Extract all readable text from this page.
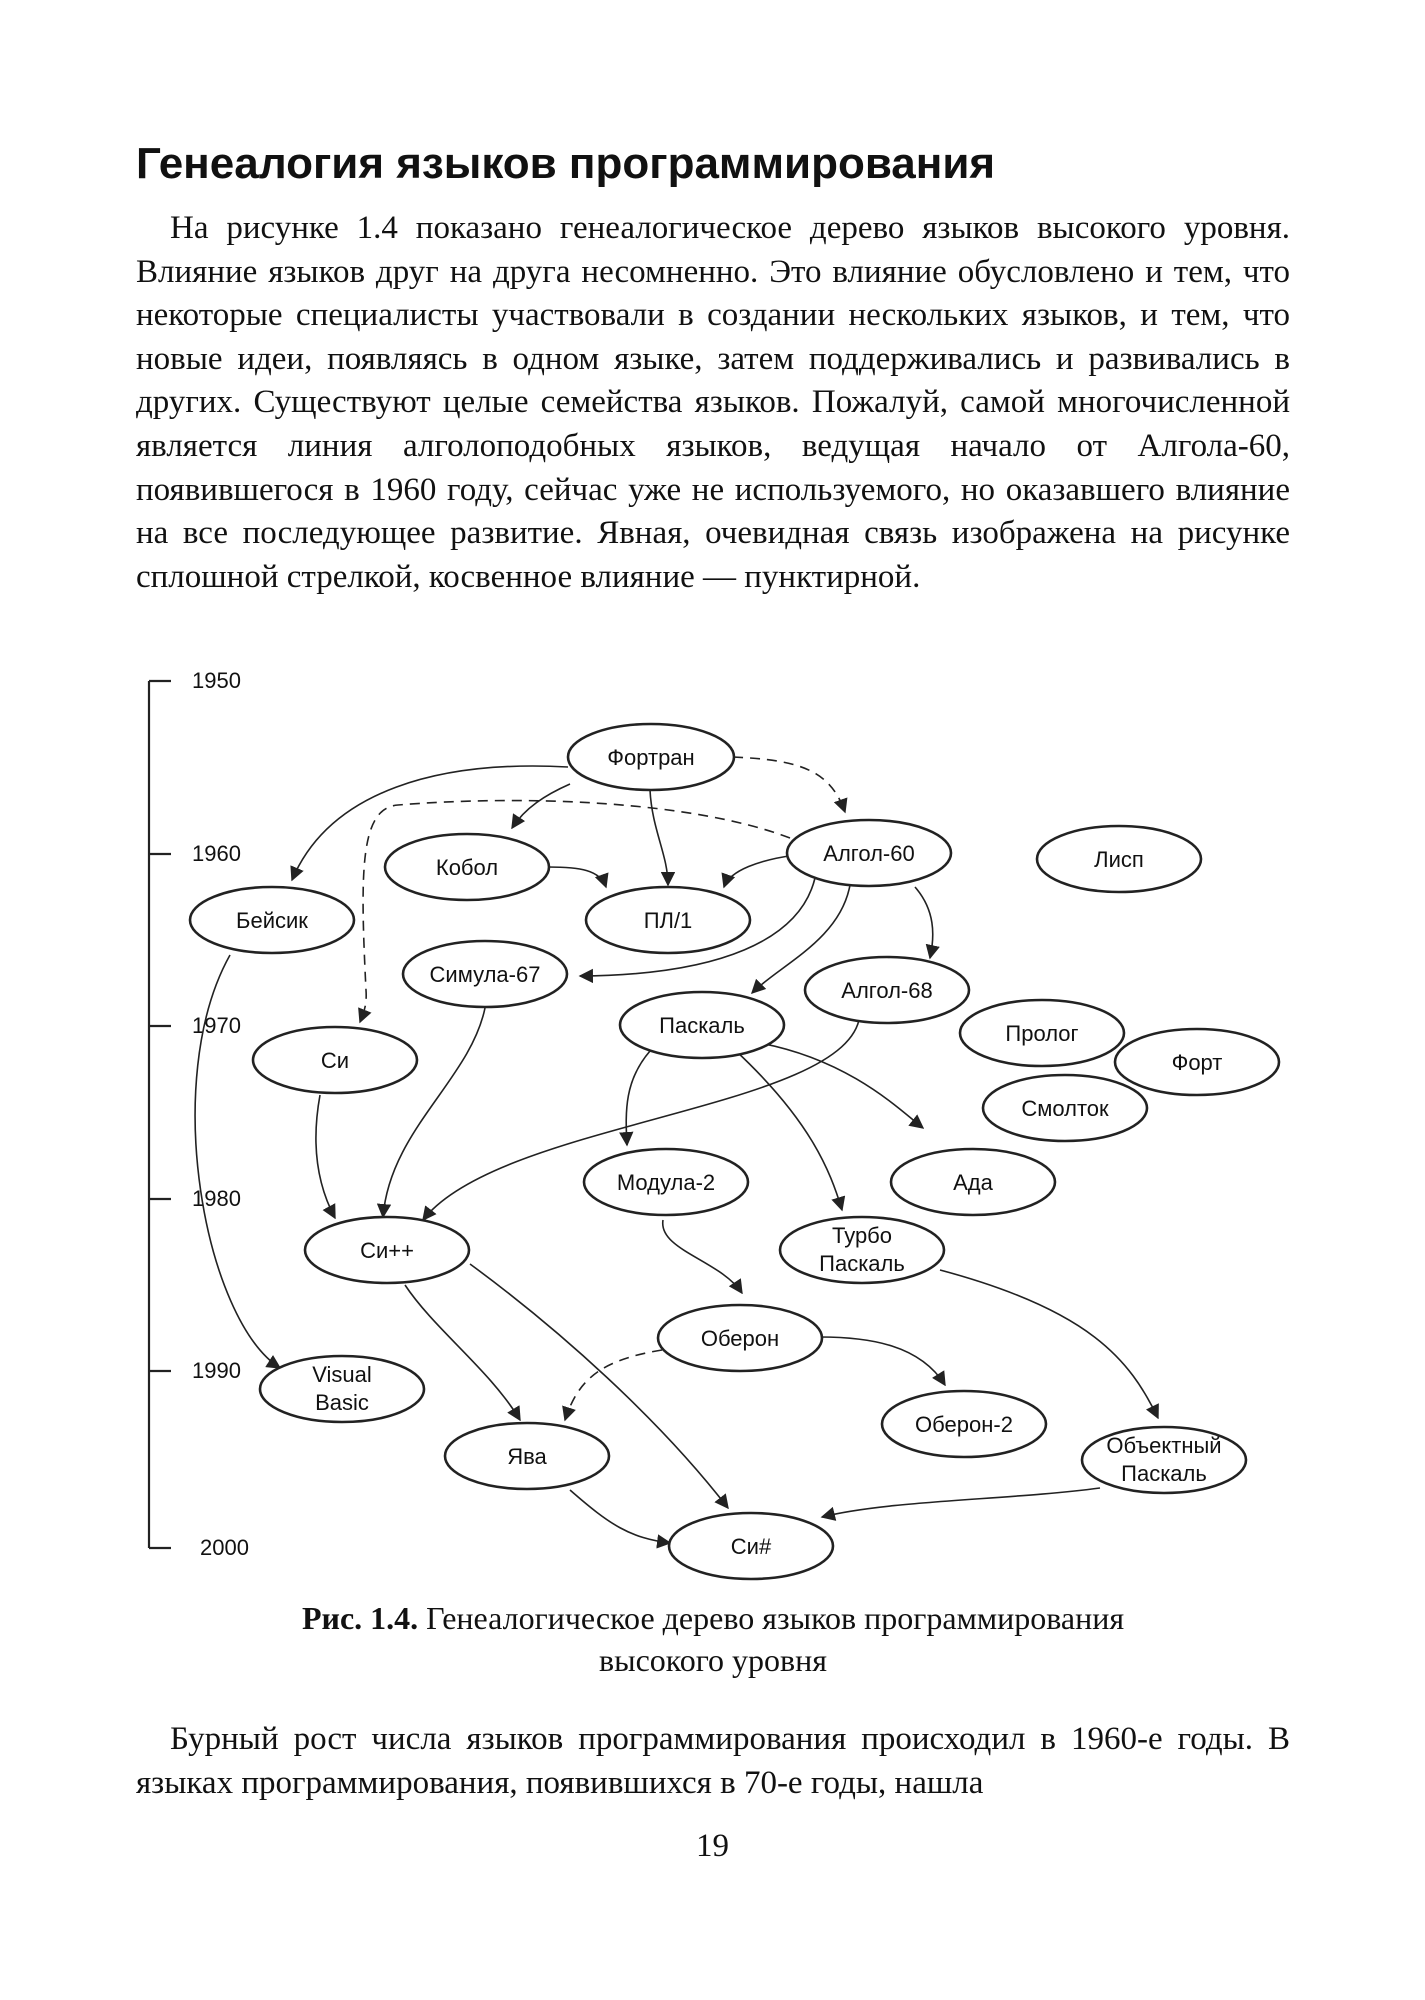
Генеалогия языков программирования

На рисунке 1.4 показано генеалогическое дерево языков высокого уровня. Влияние языков друг на друга несомненно. Это влияние обусловлено и тем, что некоторые специалисты участвовали в создании нескольких языков, и тем, что новые идеи, появляясь в одном языке, затем поддерживались и развивались в других. Существуют целые семейства языков. Пожалуй, самой многочисленной является линия алголоподобных языков, ведущая начало от Алгола-60, появившегося в 1960 году, сейчас уже не используемого, но оказавшего влияние на все последующее развитие. Явная, очевидная связь изображена на рисунке сплошной стрелкой, косвенное влияние — пунктирной.

1950
1960
1970
1980
1990
2000
Фортран
Кобол
Алгол-60	Лисп
Бейсик	ПЛ/1
Симула-67
Алгол-68
Паскаль	Пролог
Форт
Си
Смолток
Модула-2	Ада
Си++
Турбо
Паскаль
Оберон
Visual
Basic
Оберон-2
Объектный
Паскаль
Ява
Си#

Рис. 1.4. Генеалогическое дерево языков программирования
высокого уровня

Бурный рост числа языков программирования происходил в 1960-е годы. В языках программирования, появившихся в 70-е годы, нашла

19
